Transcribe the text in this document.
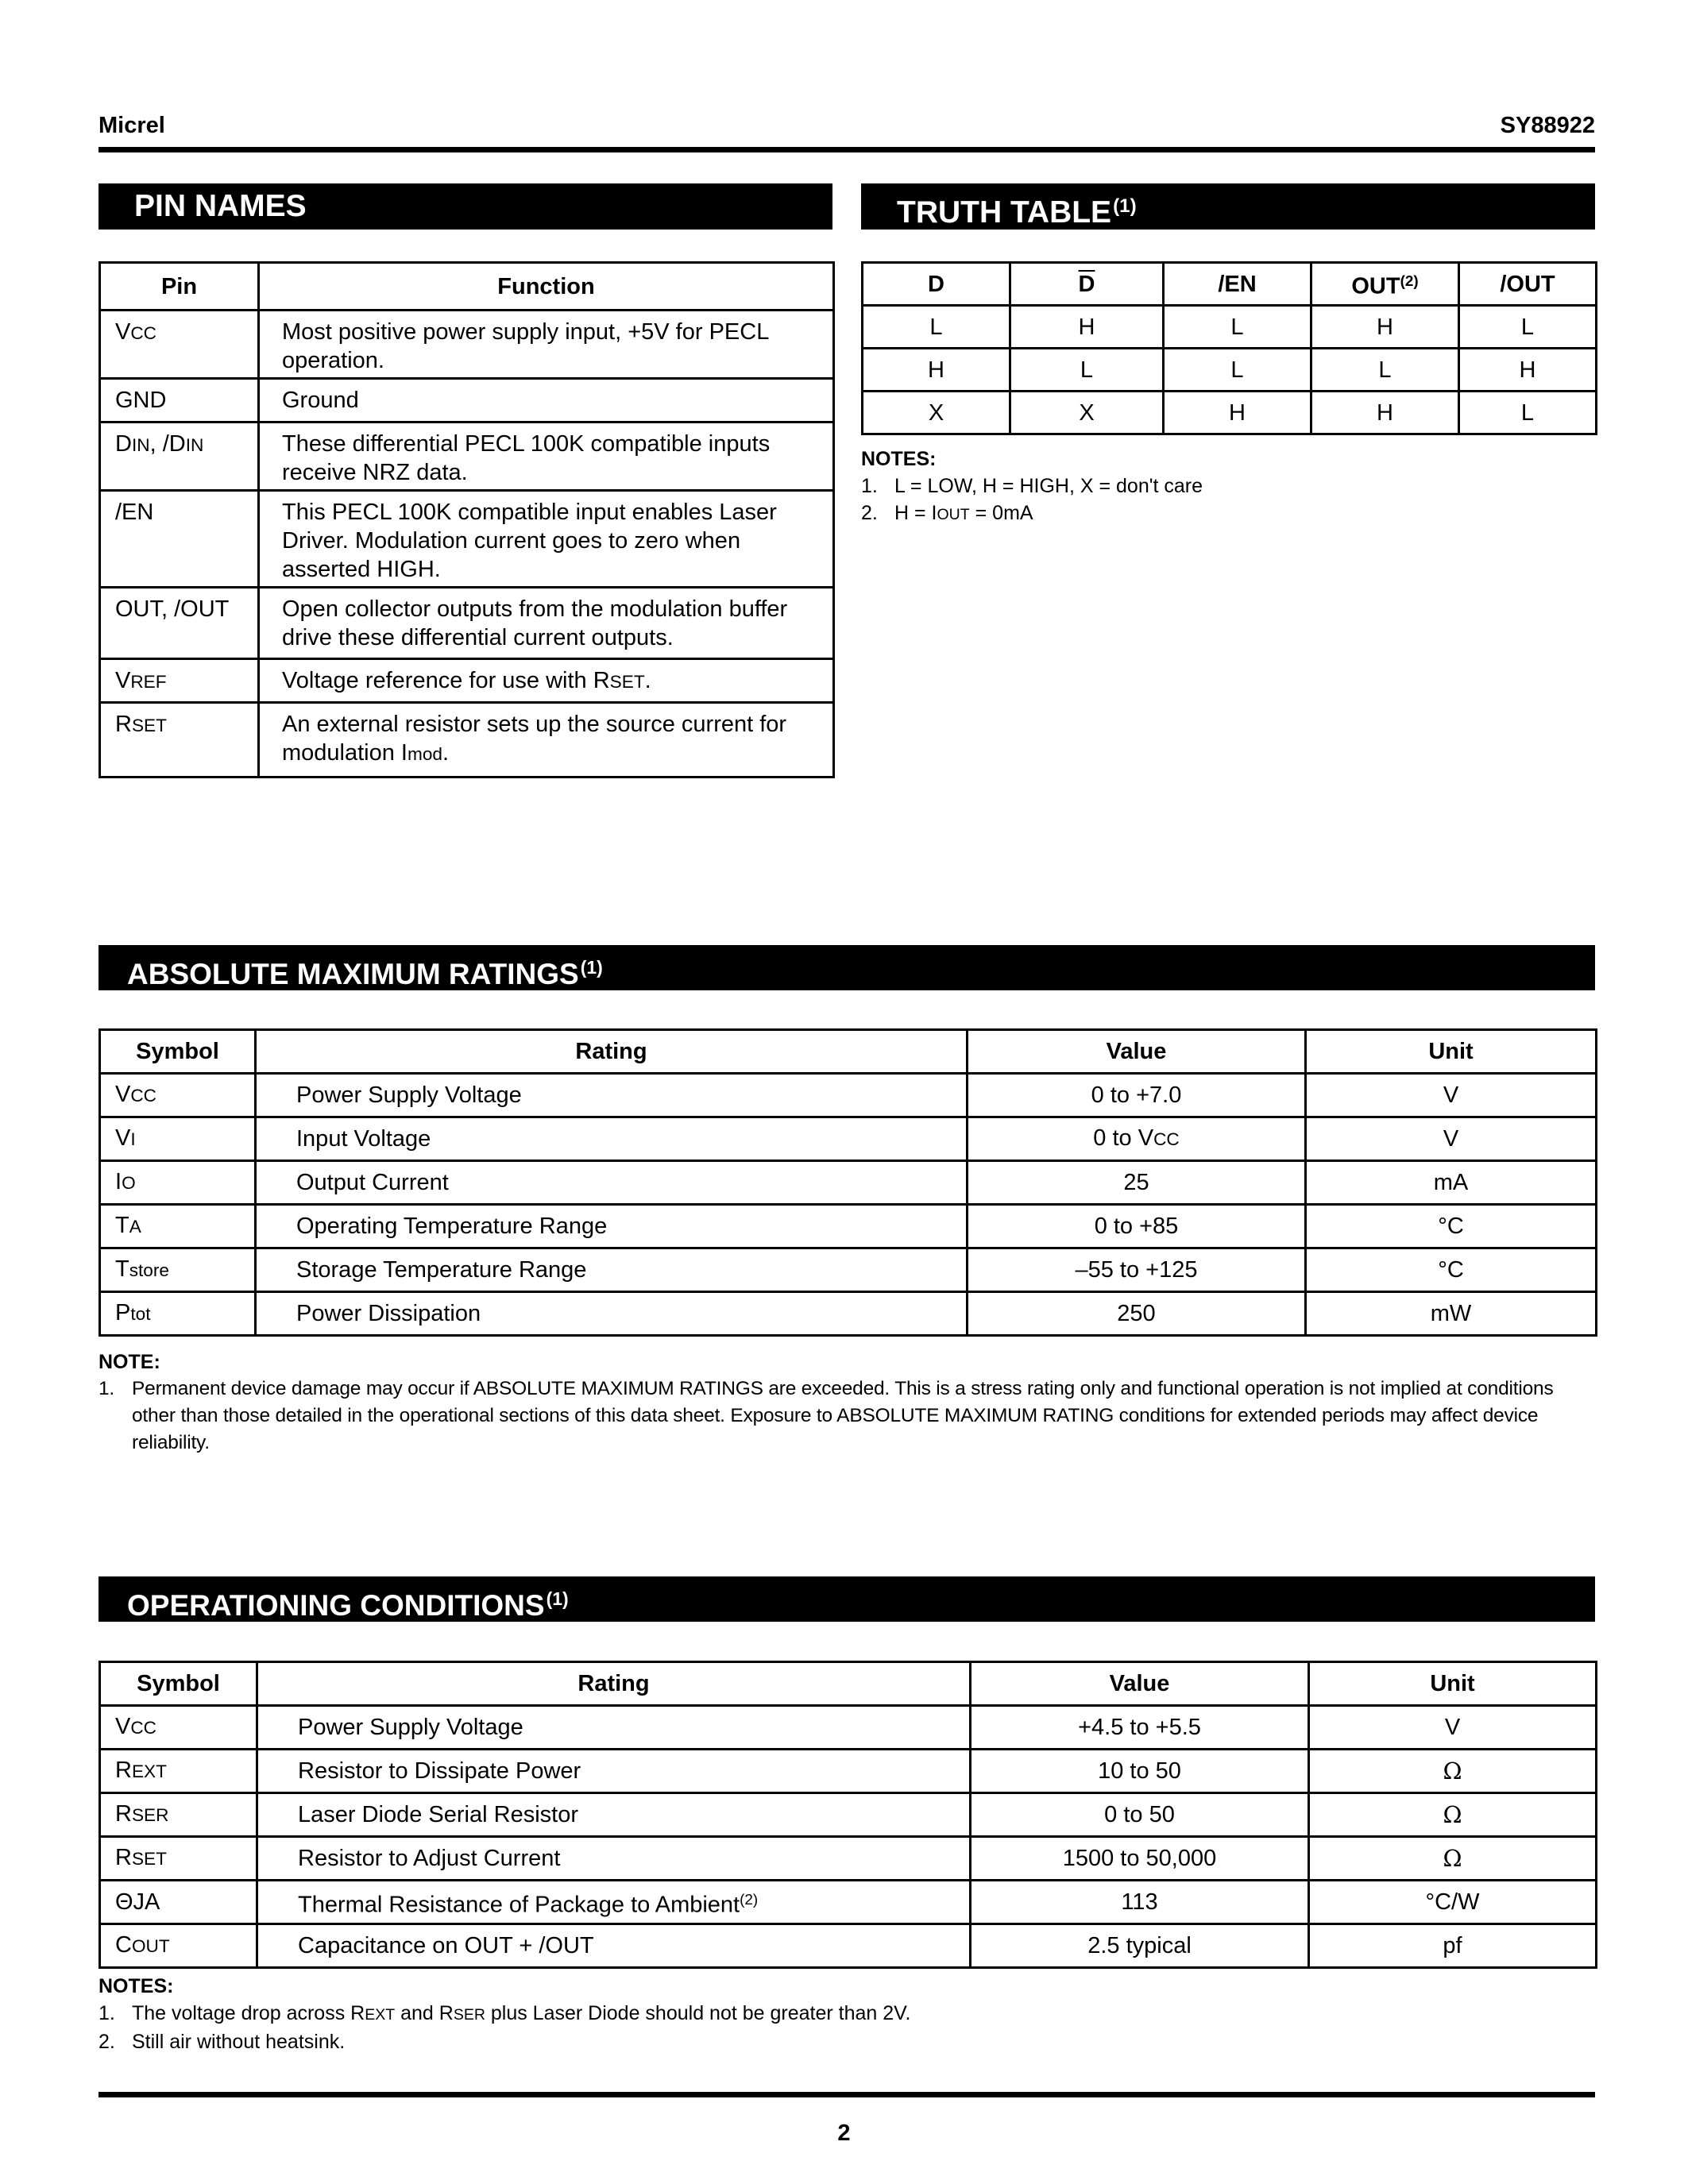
Micrel	SY88922
PIN NAMES
Pin	Function
VCC	Most positive power supply input, +5V for PECL operation.
GND	Ground
DIN, /DIN	These differential PECL 100K compatible inputs receive NRZ data.
/EN	This PECL 100K compatible input enables Laser Driver. Modulation current goes to zero when asserted HIGH.
OUT, /OUT	Open collector outputs from the modulation buffer drive these differential current outputs.
VREF	Voltage reference for use with RSET.
RSET	An external resistor sets up the source current for modulation Imod.
TRUTH TABLE$^{(1)}$
D	$\overline{D}$	/EN	OUT$^{(2)}$	/OUT
L	H	L	H	L
H	L	L	L	H
X	X	H	H	L
NOTES:
1. L = LOW, H = HIGH, X = don't care
2. H = IOUT = 0mA
ABSOLUTE MAXIMUM RATINGS$^{(1)}$
Symbol	Rating	Value	Unit
VCC	Power Supply Voltage	0 to +7.0	V
VI	Input Voltage	0 to VCC	V
IO	Output Current	25	mA
TA	Operating Temperature Range	0 to +85	°C
Tstore	Storage Temperature Range	–55 to +125	°C
Ptot	Power Dissipation	250	mW
NOTE:
1. Permanent device damage may occur if ABSOLUTE MAXIMUM RATINGS are exceeded. This is a stress rating only and functional operation is not implied at conditions other than those detailed in the operational sections of this data sheet. Exposure to ABSOLUTE MAXIMUM RATING conditions for extended periods may affect device reliability.
OPERATIONING CONDITIONS$^{(1)}$
Symbol	Rating	Value	Unit
VCC	Power Supply Voltage	+4.5 to +5.5	V
REXT	Resistor to Dissipate Power	10 to 50	Ω
RSER	Laser Diode Serial Resistor	0 to 50	Ω
RSET	Resistor to Adjust Current	1500 to 50,000	Ω
ΘJA	Thermal Resistance of Package to Ambient$^{(2)}$	113	°C/W
COUT	Capacitance on OUT + /OUT	2.5 typical	pf
NOTES:
1. The voltage drop across REXT and RSER plus Laser Diode should not be greater than 2V.
2. Still air without heatsink.
2
